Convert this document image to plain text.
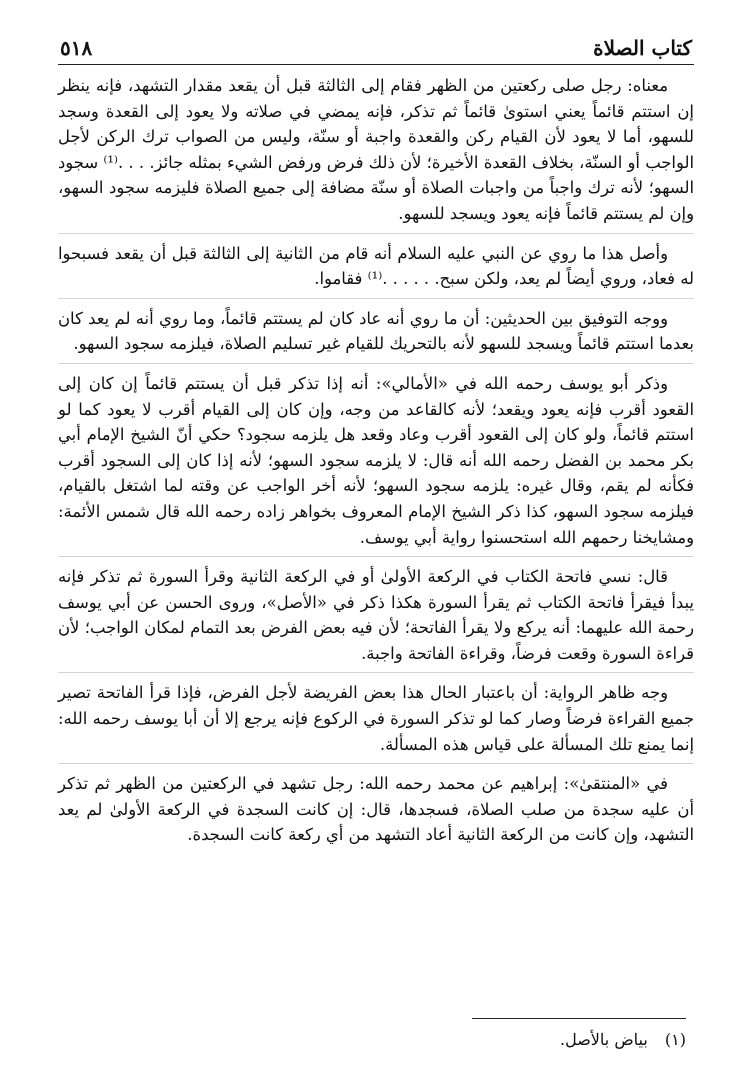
كتاب الصلاة
٥١٨

معناه: رجل صلى ركعتين من الظهر فقام إلى الثالثة قبل أن يقعد مقدار التشهد، فإنه ينظر إن استتم قائماً يعني استوىٰ قائماً ثم تذكر، فإنه يمضي في صلاته ولا يعود إلى القعدة وسجد للسهو، أما لا يعود لأن القيام ركن والقعدة واجبة أو سنّة، وليس من الصواب ترك الركن لأجل الواجب أو السنّة، بخلاف القعدة الأخيرة؛ لأن ذلك فرض ورفض الشيء بمثله جائز. . . .⁽¹⁾ سجود السهو؛ لأنه ترك واجباً من واجبات الصلاة أو سنّة مضافة إلى جميع الصلاة فليزمه سجود السهو، وإن لم يستتم قائماً فإنه يعود ويسجد للسهو.

وأصل هذا ما روي عن النبي عليه السلام أنه قام من الثانية إلى الثالثة قبل أن يقعد فسبحوا له فعاد، وروي أيضاً لم يعد، ولكن سبح. . . . . .⁽¹⁾ فقاموا.

ووجه التوفيق بين الحديثين: أن ما روي أنه عاد كان لم يستتم قائماً، وما روي أنه لم يعد كان بعدما استتم قائماً ويسجد للسهو لأنه بالتحريك للقيام غير تسليم الصلاة، فيلزمه سجود السهو.

وذكر أبو يوسف رحمه الله في «الأمالي»: أنه إذا تذكر قبل أن يستتم قائماً إن كان إلى القعود أقرب فإنه يعود ويقعد؛ لأنه كالقاعد من وجه، وإن كان إلى القيام أقرب لا يعود كما لو استتم قائماً، ولو كان إلى القعود أقرب وعاد وقعد هل يلزمه سجود؟ حكي أنّ الشيخ الإمام أبي بكر محمد بن الفضل رحمه الله أنه قال: لا يلزمه سجود السهو؛ لأنه إذا كان إلى السجود أقرب فكأنه لم يقم، وقال غيره: يلزمه سجود السهو؛ لأنه أخر الواجب عن وقته لما اشتغل بالقيام، فيلزمه سجود السهو، كذا ذكر الشيخ الإمام المعروف بخواهر زاده رحمه الله قال شمس الأئمة: ومشايخنا رحمهم الله استحسنوا رواية أبي يوسف.

قال: نسي فاتحة الكتاب في الركعة الأولىٰ أو في الركعة الثانية وقرأ السورة ثم تذكر فإنه يبدأ فيقرأ فاتحة الكتاب ثم يقرأ السورة هكذا ذكر في «الأصل»، وروى الحسن عن أبي يوسف رحمة الله عليهما: أنه يركع ولا يقرأ الفاتحة؛ لأن فيه بعض الفرض بعد التمام لمكان الواجب؛ لأن قراءة السورة وقعت فرضاً، وقراءة الفاتحة واجبة.

وجه ظاهر الرواية: أن باعتبار الحال هذا بعض الفريضة لأجل الفرض، فإذا قرأ الفاتحة تصير جميع القراءة فرضاً وصار كما لو تذكر السورة في الركوع فإنه يرجع إلا أن أبا يوسف رحمه الله: إنما يمنع تلك المسألة على قياس هذه المسألة.

في «المنتقىٰ»: إبراهيم عن محمد رحمه الله: رجل تشهد في الركعتين من الظهر ثم تذكر أن عليه سجدة من صلب الصلاة، فسجدها، قال: إن كانت السجدة في الركعة الأولىٰ لم يعد التشهد، وإن كانت من الركعة الثانية أعاد التشهد من أي ركعة كانت السجدة.

(١) بياض بالأصل.
